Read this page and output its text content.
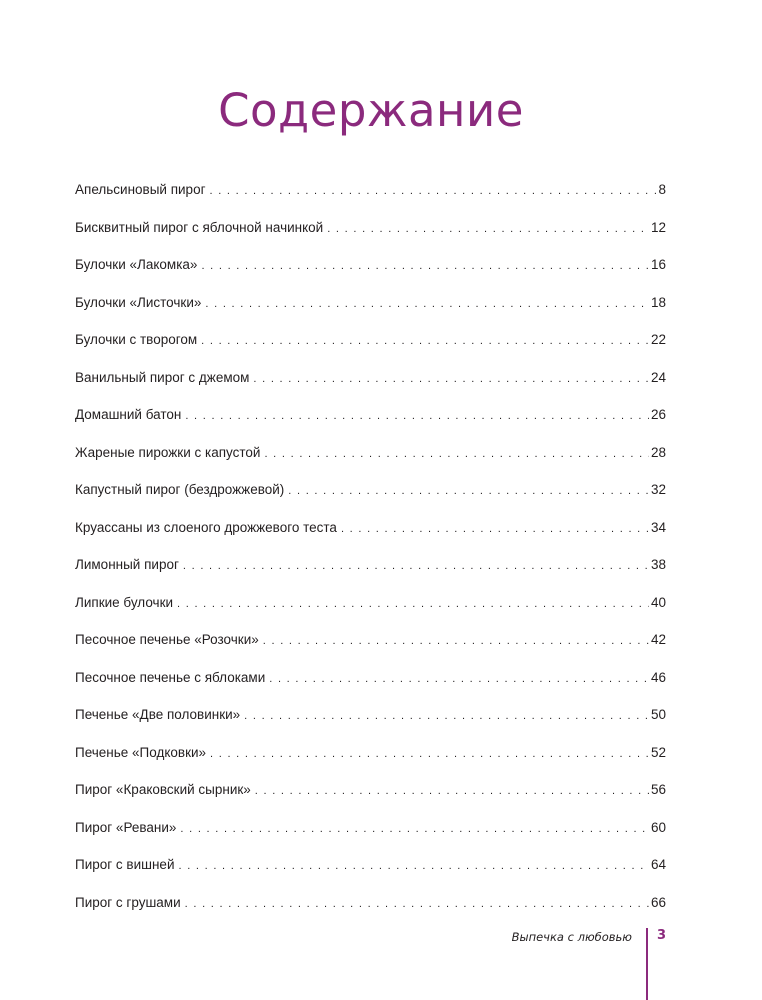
Содержание
Апельсиновый пирог . . .	8
Бисквитный пирог с яблочной начинкой . . .	12
Булочки «Лакомка» . . .	16
Булочки «Листочки» . . .	18
Булочки с творогом . . .	22
Ванильный пирог с джемом . . .	24
Домашний батон . . .	26
Жареные пирожки с капустой . . .	28
Капустный пирог (бездрожжевой) . . .	32
Круассаны из слоеного дрожжевого теста . . .	34
Лимонный пирог . . .	38
Липкие булочки . . .	40
Песочное печенье «Розочки» . . .	42
Песочное печенье с яблоками . . .	46
Печенье «Две половинки» . . .	50
Печенье «Подковки» . . .	52
Пирог «Краковский сырник» . . .	56
Пирог «Ревани» . . .	60
Пирог с вишней . . .	64
Пирог с грушами . . .	66
Выпечка с любовью 3
